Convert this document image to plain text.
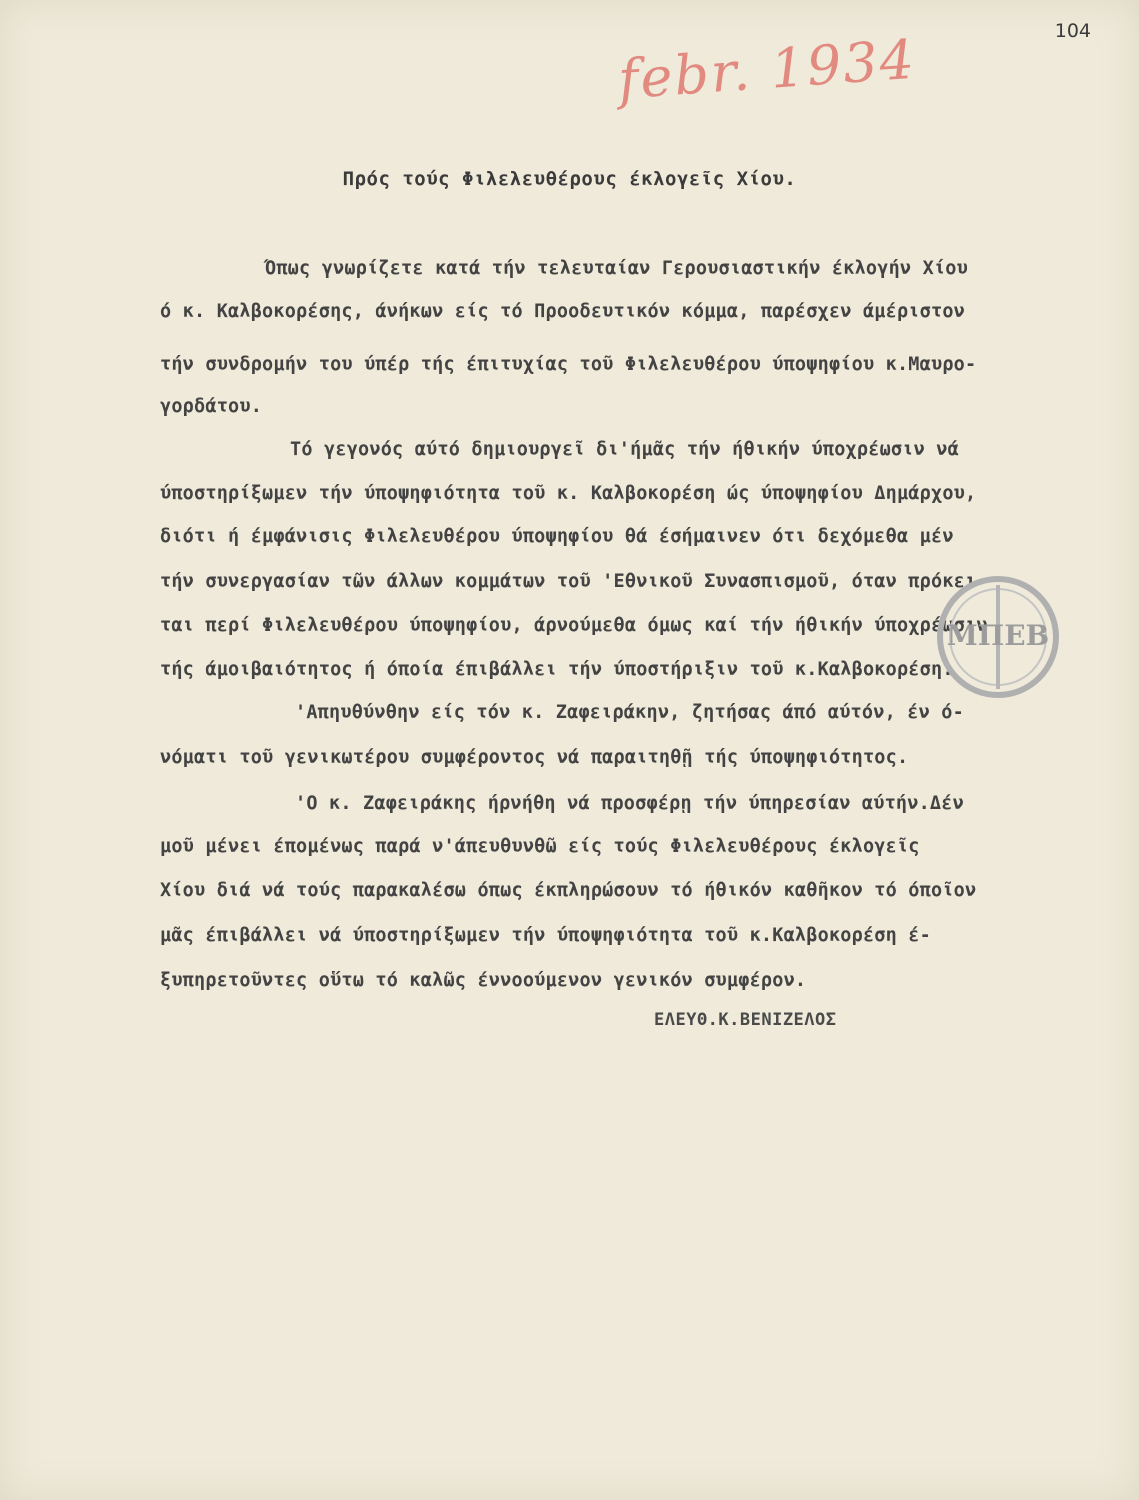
104
febr. 1934
Πρός τούς Φιλελευθέρους έκλογεῖς Χίου.
Όπως γνωρίζετε κατά τήν τελευταίαν Γερουσιαστικήν έκλογήν Χίου
ό κ. Καλβοκορέσης, άνήκων είς τό Προοδευτικόν κόμμα, παρέσχεν άμέριστον
τήν συνδρομήν του ύπέρ τής έπιτυχίας τοῦ Φιλελευθέρου ύποψηφίου κ.Μαυρο-
γορδάτου.
Τό γεγονός αύτό δημιουργεῖ δι'ήμᾶς τήν ήθικήν ύποχρέωσιν νά
ύποστηρίξωμεν τήν ύποψηφιότητα τοῦ κ. Καλβοκορέση ώς ύποψηφίου Δημάρχου,
διότι ή έμφάνισις Φιλελευθέρου ύποψηφίου θά έσήμαινεν ότι δεχόμεθα μέν
τήν συνεργασίαν τῶν άλλων κομμάτων τοῦ 'Εθνικοῦ Συνασπισμοῦ, όταν πρόκει-
ται περί Φιλελευθέρου ύποψηφίου, άρνούμεθα όμως καί τήν ήθικήν ύποχρέωσιν
τής άμοιβαιότητος ή όποία έπιβάλλει τήν ύποστήριξιν τοῦ κ.Καλβοκορέση.
'Απηυθύνθην είς τόν κ. Ζαφειράκην, ζητήσας άπό αύτόν, έν ό-
νόματι τοῦ γενικωτέρου συμφέροντος νά παραιτηθῇ τής ύποψηφιότητος.
'Ο κ. Ζαφειράκης ήρνήθη νά προσφέρῃ τήν ύπηρεσίαν αύτήν.Δέν
μοῦ μένει έπομένως παρά ν'άπευθυνθῶ είς τούς Φιλελευθέρους έκλογεῖς
Χίου διά νά τούς παρακαλέσω όπως έκπληρώσουν τό ήθικόν καθῆκον τό όποῖον
μᾶς έπιβάλλει νά ύποστηρίξωμεν τήν ύποψηφιότητα τοῦ κ.Καλβοκορέση έ-
ξυπηρετοῦντες οὕτω τό καλῶς έννοούμενον γενικόν συμφέρον.
ΕΛΕΥΘ.Κ.ΒΕΝΙΖΕΛΟΣ
ΜΠΕΒ
